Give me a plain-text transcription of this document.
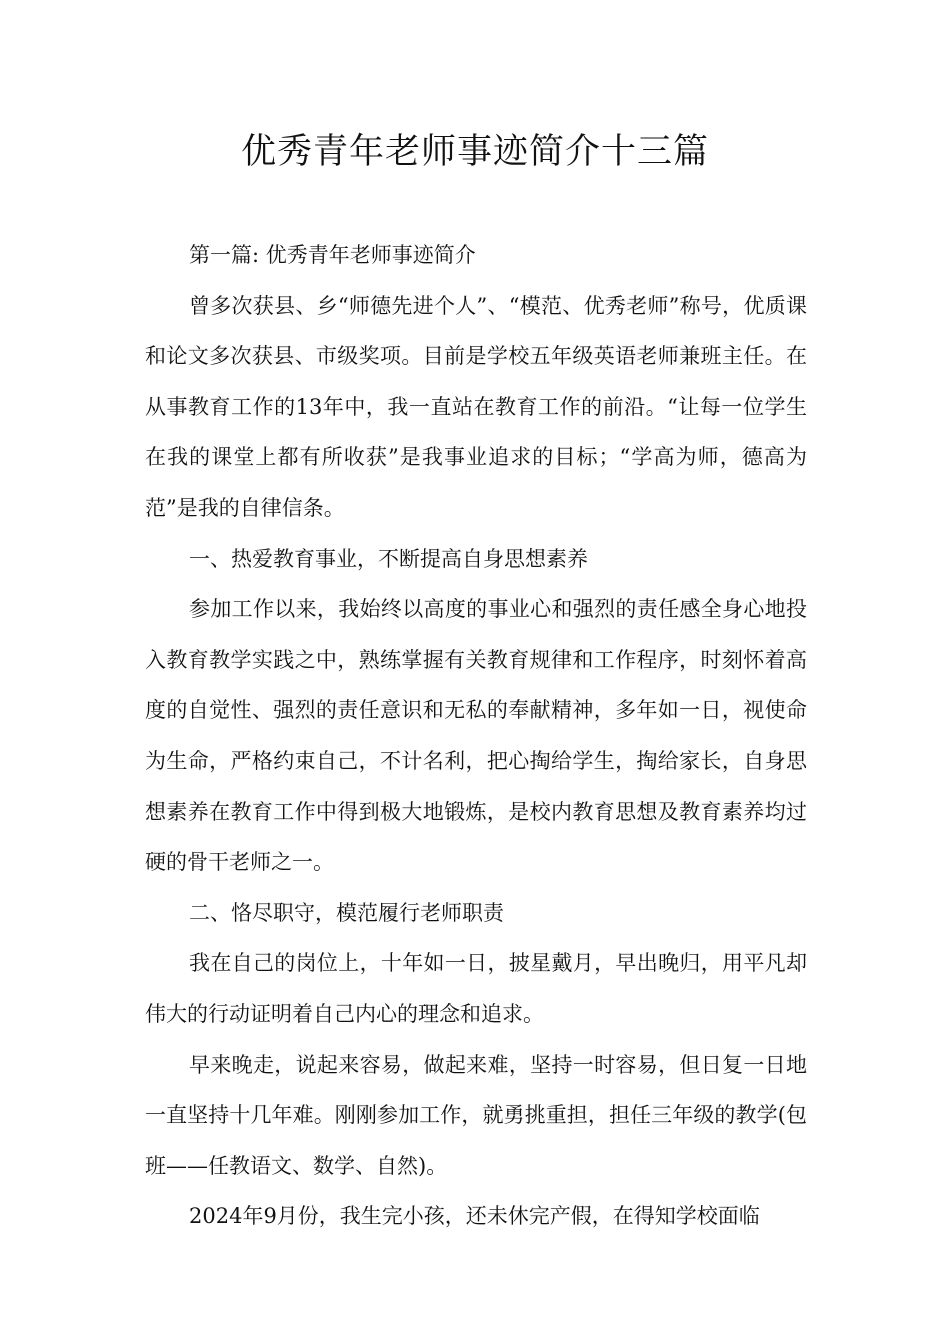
优秀青年老师事迹简介十三篇

第一篇: 优秀青年老师事迹简介

曾多次获县、乡“师德先进个人”、“模范、优秀老师”称号，优质课和论文多次获县、市级奖项。目前是学校五年级英语老师兼班主任。在从事教育工作的13年中，我一直站在教育工作的前沿。“让每一位学生在我的课堂上都有所收获”是我事业追求的目标；“学高为师，德高为范”是我的自律信条。

一、热爱教育事业，不断提高自身思想素养

参加工作以来，我始终以高度的事业心和强烈的责任感全身心地投入教育教学实践之中，熟练掌握有关教育规律和工作程序，时刻怀着高度的自觉性、强烈的责任意识和无私的奉献精神，多年如一日，视使命为生命，严格约束自己，不计名利，把心掏给学生，掏给家长，自身思想素养在教育工作中得到极大地锻炼，是校内教育思想及教育素养均过硬的骨干老师之一。

二、恪尽职守，模范履行老师职责

我在自己的岗位上，十年如一日，披星戴月，早出晚归，用平凡却伟大的行动证明着自己内心的理念和追求。

早来晚走，说起来容易，做起来难，坚持一时容易，但日复一日地一直坚持十几年难。刚刚参加工作，就勇挑重担，担任三年级的教学(包班——任教语文、数学、自然)。

2024年9月份，我生完小孩，还未休完产假，在得知学校面临
